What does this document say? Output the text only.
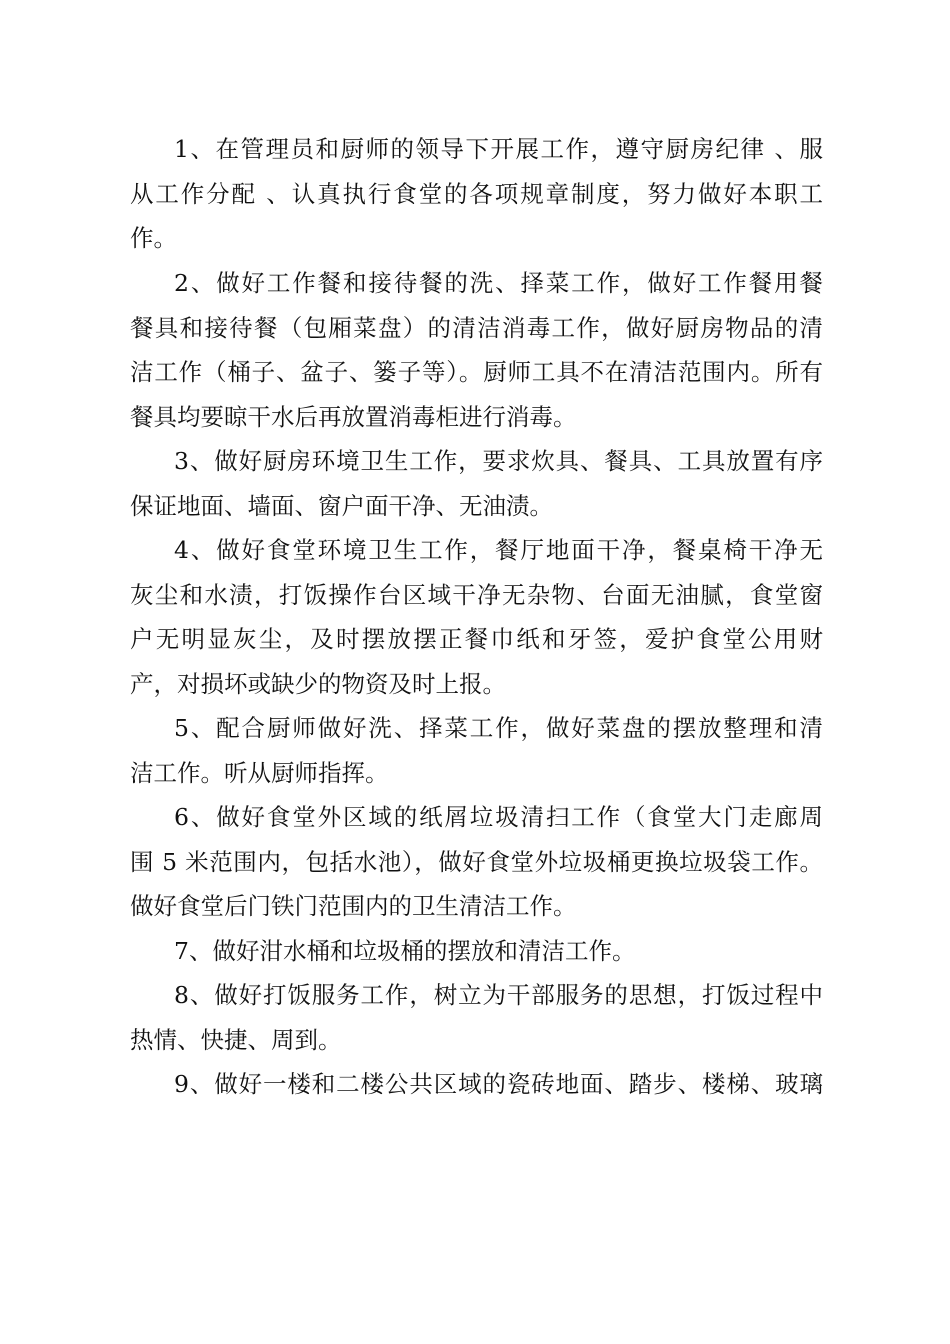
1、在管理员和厨师的领导下开展工作，遵守厨房纪律 、服
从工作分配 、认真执行食堂的各项规章制度，努力做好本职工
作。
2、做好工作餐和接待餐的洗、择菜工作，做好工作餐用餐
餐具和接待餐（包厢菜盘）的清洁消毒工作，做好厨房物品的清
洁工作（桶子、盆子、篓子等）。厨师工具不在清洁范围内。所有
餐具均要晾干水后再放置消毒柜进行消毒。
3、做好厨房环境卫生工作，要求炊具、餐具、工具放置有序
保证地面、墙面、窗户面干净、无油渍。
4、做好食堂环境卫生工作，餐厅地面干净，餐桌椅干净无
灰尘和水渍，打饭操作台区域干净无杂物、台面无油腻，食堂窗
户无明显灰尘，及时摆放摆正餐巾纸和牙签，爱护食堂公用财
产，对损坏或缺少的物资及时上报。
5、配合厨师做好洗、择菜工作，做好菜盘的摆放整理和清
洁工作。听从厨师指挥。
6、做好食堂外区域的纸屑垃圾清扫工作（食堂大门走廊周
围 5 米范围内，包括水池），做好食堂外垃圾桶更换垃圾袋工作。
做好食堂后门铁门范围内的卫生清洁工作。
7、做好泔水桶和垃圾桶的摆放和清洁工作。
8、做好打饭服务工作，树立为干部服务的思想，打饭过程中
热情、快捷、周到。
9、做好一楼和二楼公共区域的瓷砖地面、踏步、楼梯、玻璃
